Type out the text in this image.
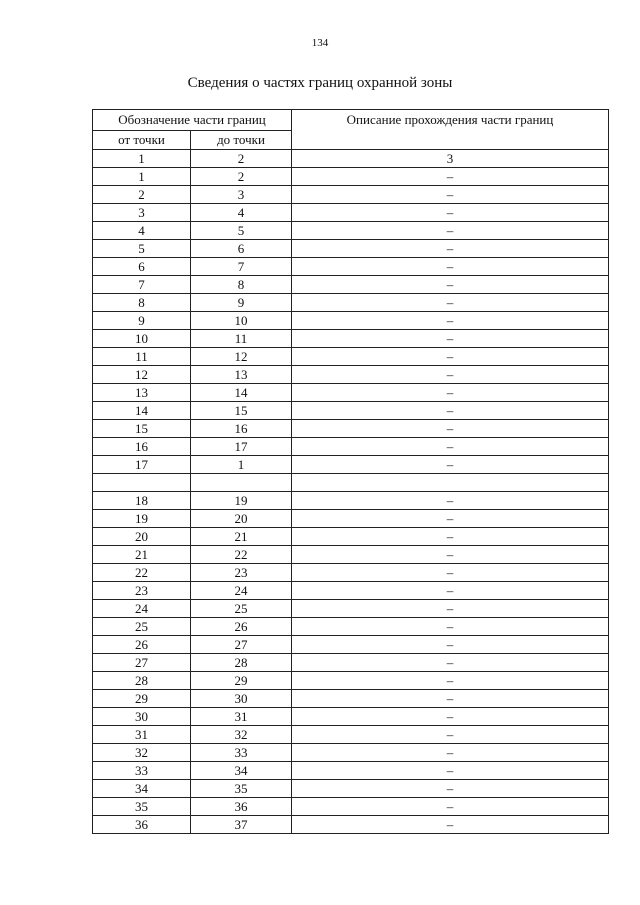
134
Сведения о частях границ охранной зоны
Обозначение части границ		Описание прохождения части границ
от точки	до точки	
1	2	3
1	2	–
2	3	–
3	4	–
4	5	–
5	6	–
6	7	–
7	8	–
8	9	–
9	10	–
10	11	–
11	12	–
12	13	–
13	14	–
14	15	–
15	16	–
16	17	–
17	1	–

18	19	–
19	20	–
20	21	–
21	22	–
22	23	–
23	24	–
24	25	–
25	26	–
26	27	–
27	28	–
28	29	–
29	30	–
30	31	–
31	32	–
32	33	–
33	34	–
34	35	–
35	36	–
36	37	–
